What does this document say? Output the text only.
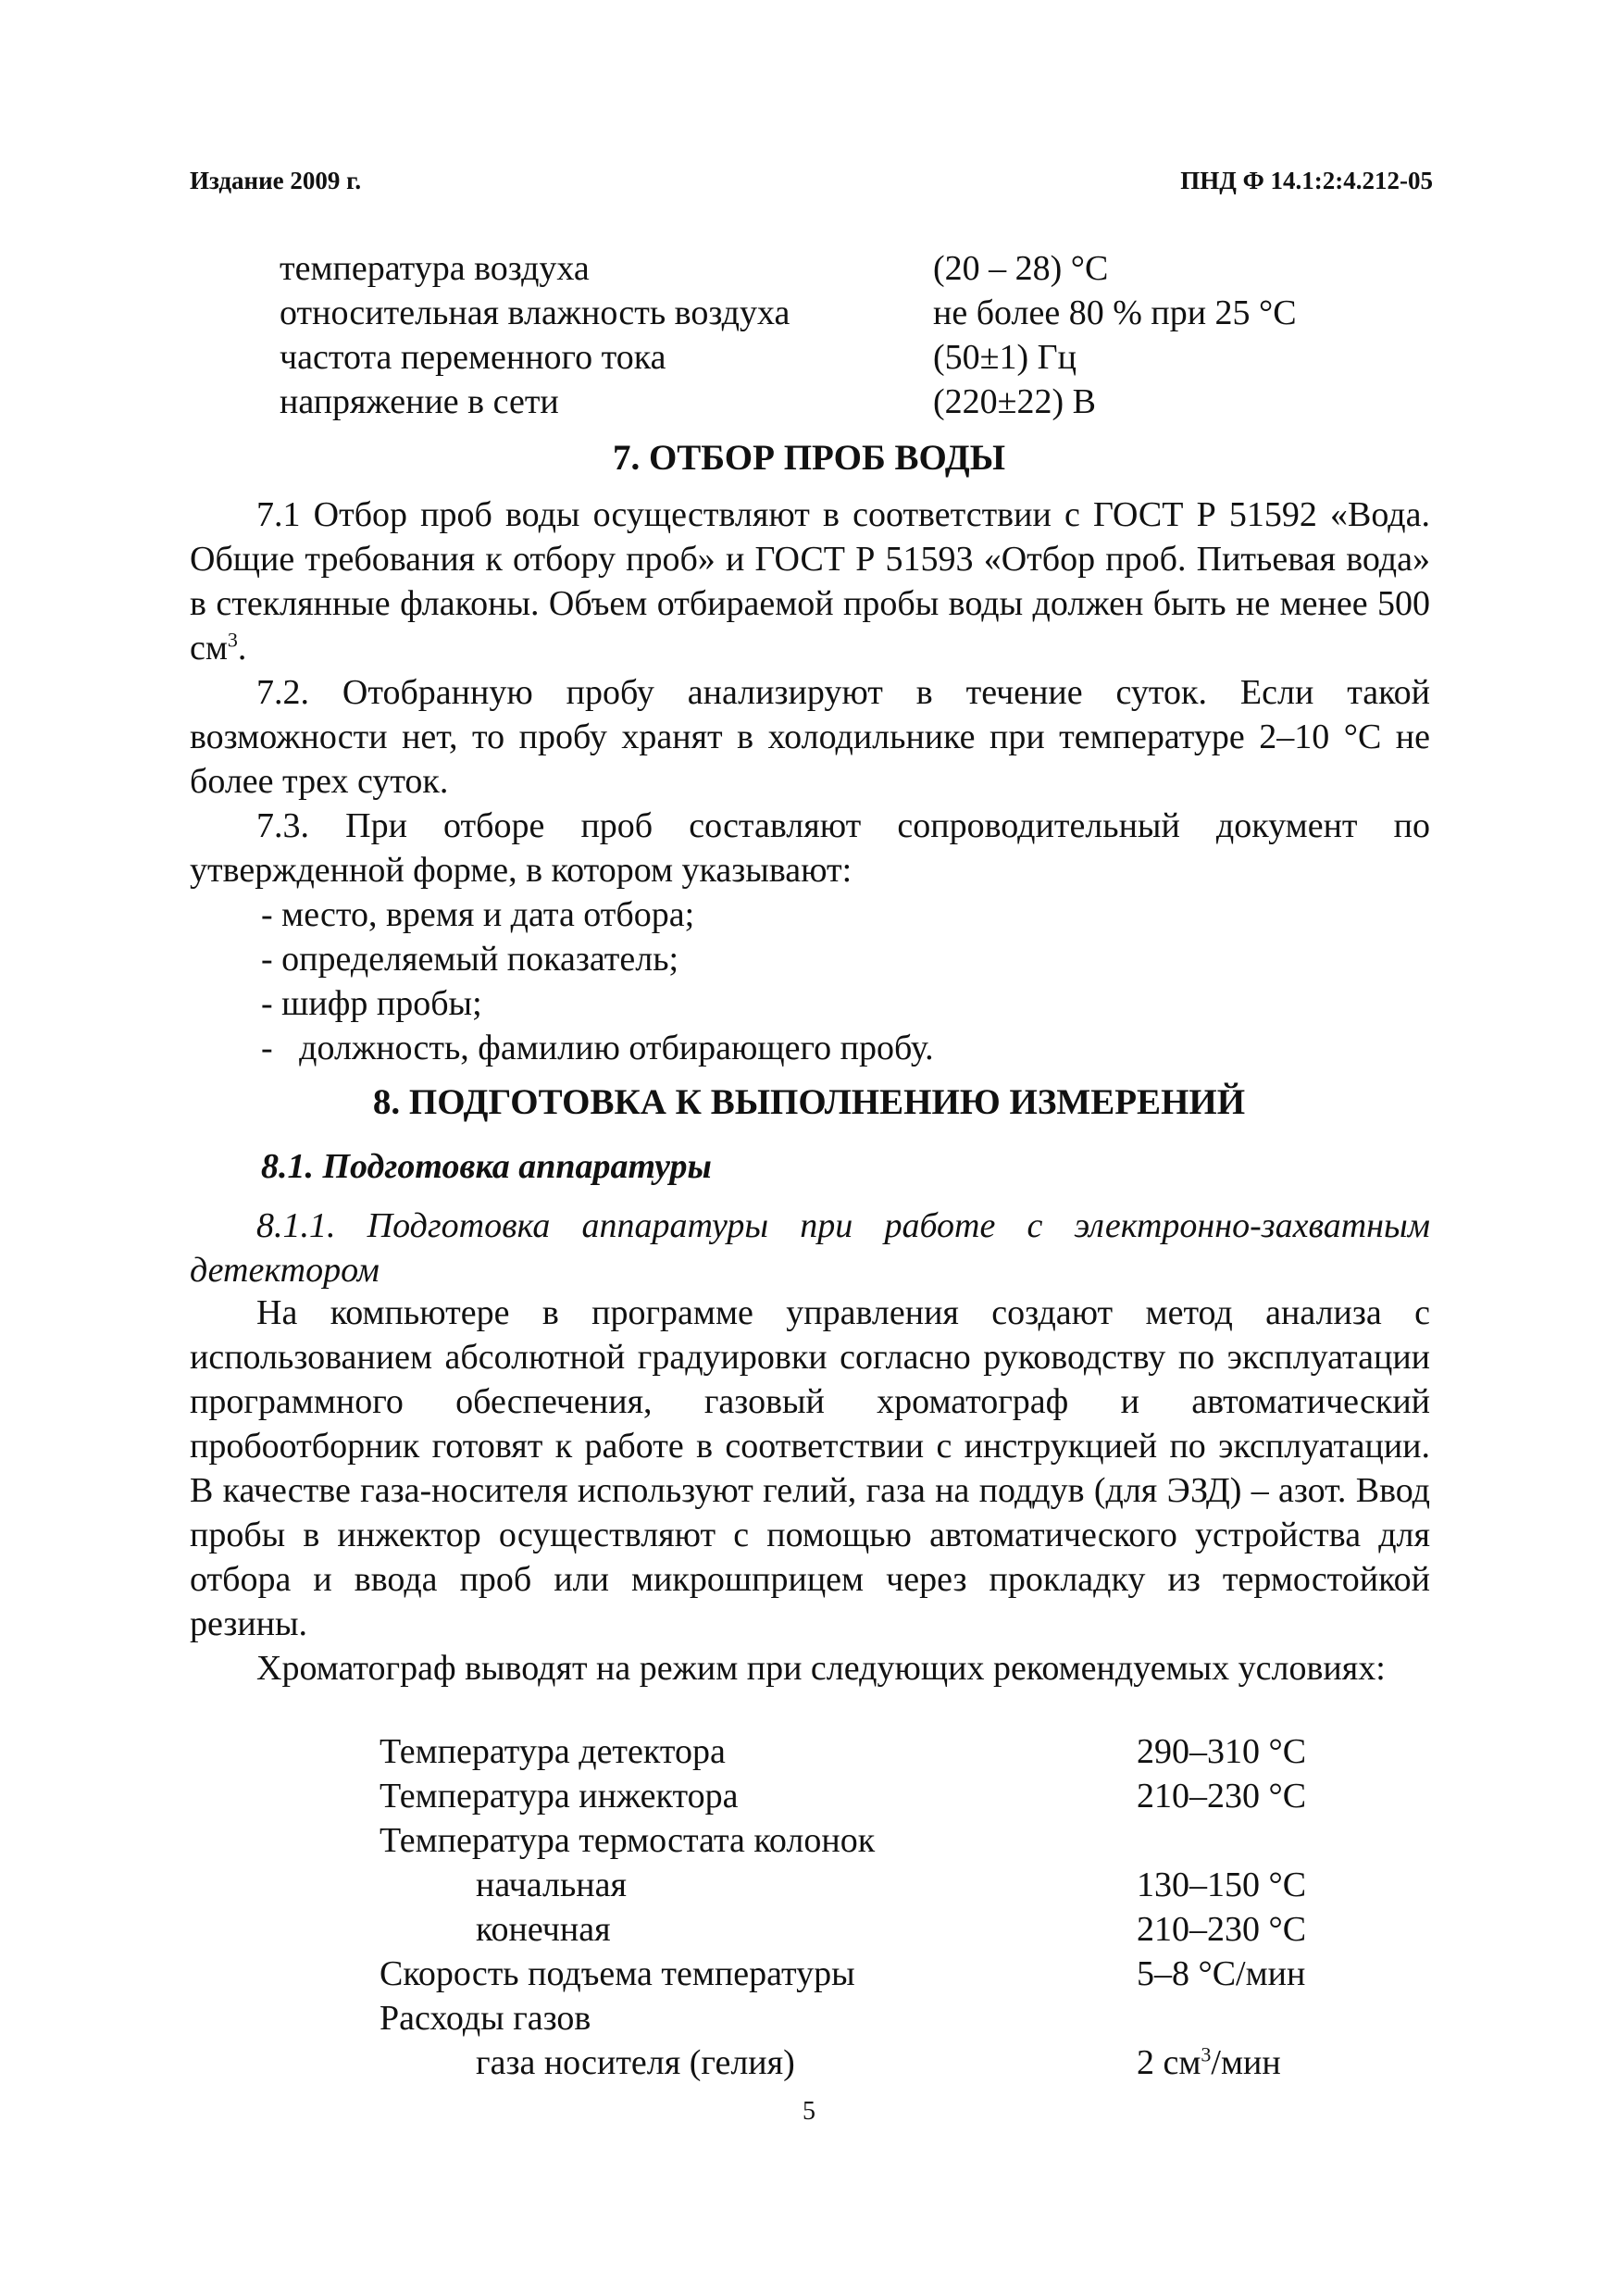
Издание 2009 г.	ПНД Ф 14.1:2:4.212-05
температура воздуха	(20 – 28) °С
относительная влажность воздуха	не более 80 % при 25 °С
частота переменного тока	(50±1) Гц
напряжение в сети	(220±22) В
7. ОТБОР ПРОБ ВОДЫ

7.1 Отбор проб воды осуществляют в соответствии с ГОСТ Р 51592 «Вода. Общие требования к отбору проб» и ГОСТ Р 51593 «Отбор проб. Питьевая вода» в стеклянные флаконы. Объем отбираемой пробы воды должен быть не менее 500 $см^3$.

7.2. Отобранную пробу анализируют в течение суток. Если такой возможности нет, то пробу хранят в холодильнике при температуре 2–10 °С не более трех суток.

7.3. При отборе проб составляют сопроводительный документ по утвержденной форме, в котором указывают:

- место, время и дата отбора;
- определяемый показатель;
- шифр пробы;
-   должность, фамилию отбирающего пробу.
8. ПОДГОТОВКА К ВЫПОЛНЕНИЮ ИЗМЕРЕНИЙ
8.1. Подготовка аппаратуры

8.1.1. Подготовка аппаратуры при работе с электронно-захватным детектором

На компьютере в программе управления создают метод анализа с использованием абсолютной градуировки согласно руководству по эксплуатации программного обеспечения, газовый хроматограф и автоматический пробоотборник готовят к работе в соответствии с инструкцией по эксплуатации. В качестве газа-носителя используют гелий, газа на поддув (для ЭЗД) – азот. Ввод пробы в инжектор осуществляют с помощью автоматического устройства для отбора и ввода проб или микрошприцем через прокладку из термостойкой резины.

Хроматограф выводят на режим при следующих рекомендуемых условиях:

Температура детектора	290–310 °С
Температура инжектора	210–230 °С
Температура термостата колонок
начальная	130–150 °С
конечная	210–230 °С
Скорость подъема температуры	5–8 °С/мин
Расходы газов
газа носителя (гелия)	2 $см^3$/мин
5
